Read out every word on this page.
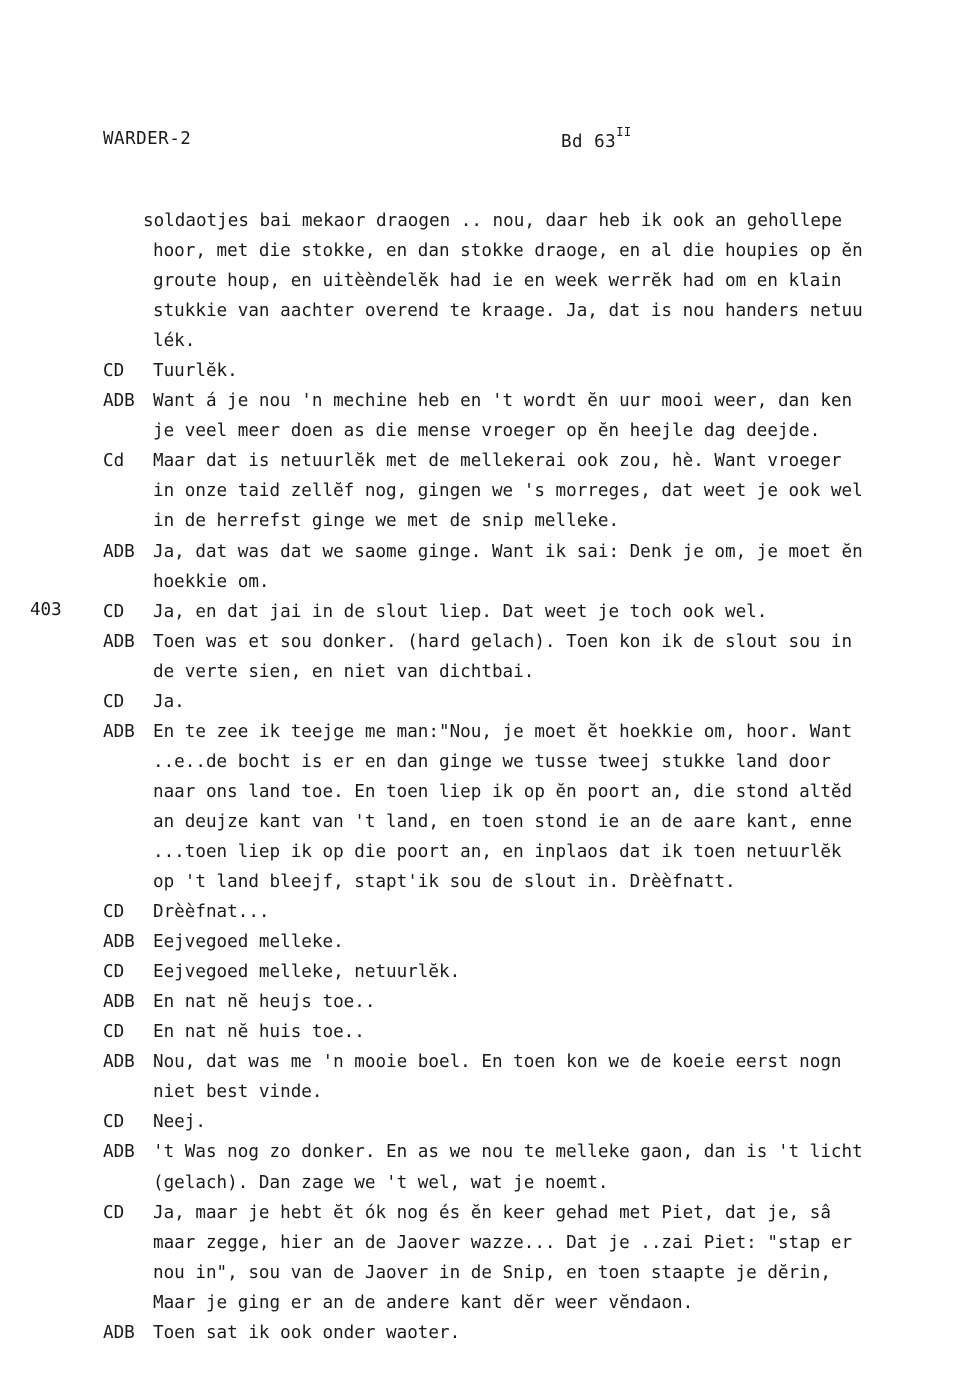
WARDER-2	Bd $63^{II}$
403
soldaotjes bai mekaor draogen .. nou, daar heb ik ook an gehollepe
hoor, met die stokke, en dan stokke draoge, en al die houpies op ĕn
groute houp, en uitèèndelĕk had ie en week werrĕk had om en klain
stukkie van aachter overend te kraage. Ja, dat is nou handers netuu
lék.
CD	Tuurlĕk.
ADB	Want á je nou 'n mechine heb en 't wordt ĕn uur mooi weer, dan ken
je veel meer doen as die mense vroeger op ĕn heejle dag deejde.
Cd	Maar dat is netuurlĕk met de mellekerai ook zou, hè. Want vroeger
in onze taid zellĕf nog, gingen we 's morreges, dat weet je ook wel
in de herrefst ginge we met de snip melleke.
ADB	Ja, dat was dat we saome ginge. Want ik sai: Denk je om, je moet ĕn
hoekkie om.
CD	Ja, en dat jai in de slout liep. Dat weet je toch ook wel.
ADB	Toen was et sou donker. (hard gelach). Toen kon ik de slout sou in
de verte sien, en niet van dichtbai.
CD	Ja.
ADB	En te zee ik teejge me man:"Nou, je moet ĕt hoekkie om, hoor. Want
..e..de bocht is er en dan ginge we tusse tweej stukke land door
naar ons land toe. En toen liep ik op ĕn poort an, die stond altĕd
an deujze kant van 't land, en toen stond ie an de aare kant, enne
...toen liep ik op die poort an, en inplaos dat ik toen netuurlĕk
op 't land bleejf, stapt'ik sou de slout in. Drèèfnatt.
CD	Drèèfnat...
ADB	Eejvegoed melleke.
CD	Eejvegoed melleke, netuurlĕk.
ADB	En nat nĕ heujs toe..
CD	En nat nĕ huis toe..
ADB	Nou, dat was me 'n mooie boel. En toen kon we de koeie eerst nogn
niet best vinde.
CD	Neej.
ADB	't Was nog zo donker. En as we nou te melleke gaon, dan is 't licht
(gelach). Dan zage we 't wel, wat je noemt.
CD	Ja, maar je hebt ĕt ók nog és ĕn keer gehad met Piet, dat je, sâ
maar zegge, hier an de Jaover wazze... Dat je ..zai Piet: "stap er
nou in", sou van de Jaover in de Snip, en toen staapte je dĕrin,
Maar je ging er an de andere kant dĕr weer vĕndaon.
ADB	Toen sat ik ook onder waoter.
